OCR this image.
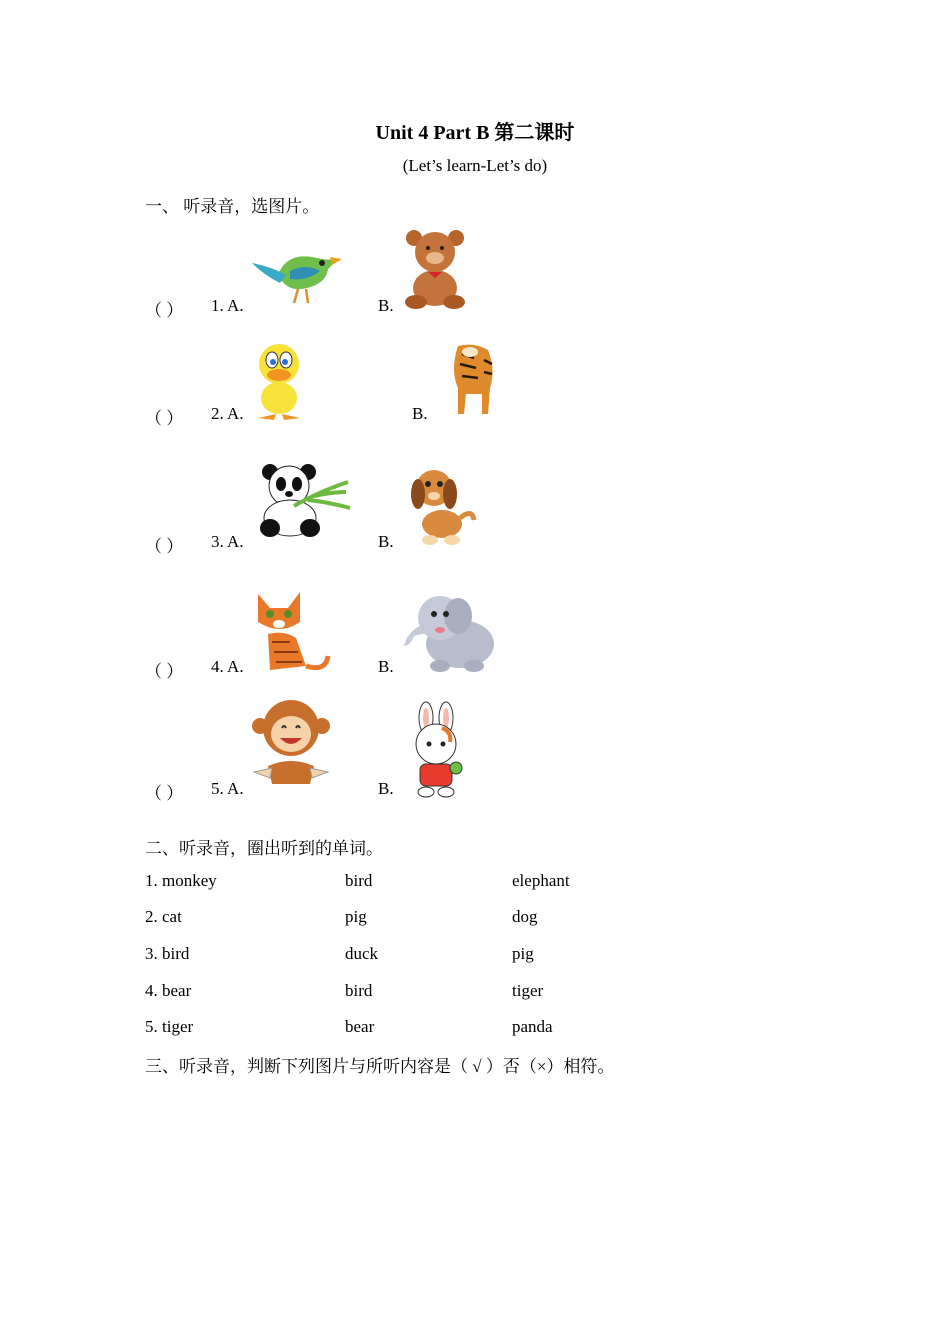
Unit 4 Part B 第二课时
(Let’s learn-Let’s do)
一、 听录音，选图片。
（ ） 1. A.	B.
（ ） 2. A.	B.
（ ） 3. A.	B.
（ ） 4. A.	B.
（ ） 5. A.	B.
二、听录音，圈出听到的单词。
1. monkey	bird	elephant
2. cat	pig	dog
3. bird	duck	pig
4. bear	bird	tiger
5. tiger	bear	panda
三、听录音，判断下列图片与所听内容是（ √ ）否（×）相符。
